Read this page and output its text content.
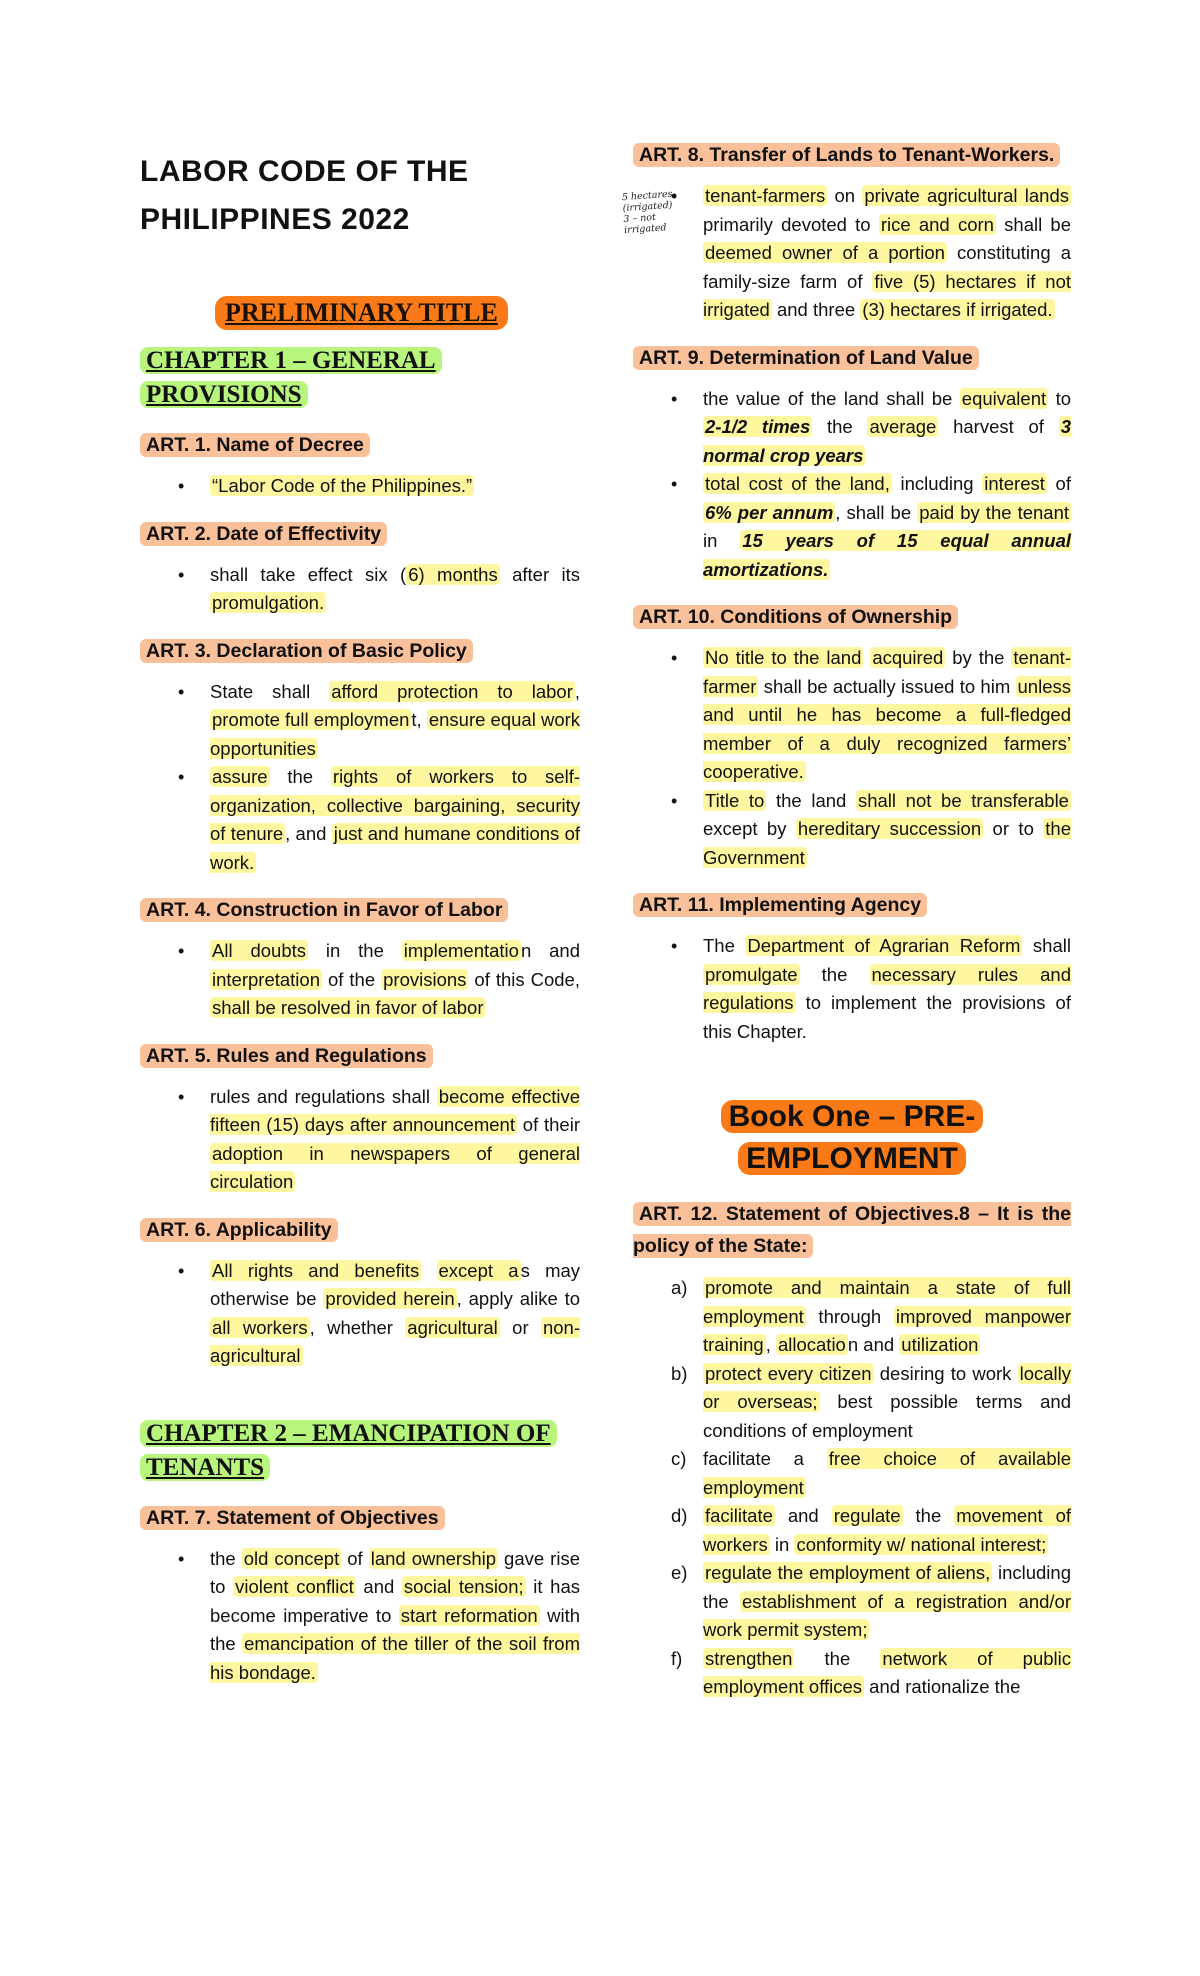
LABOR CODE OF THE
PHILIPPINES 2022
PRELIMINARY TITLE
CHAPTER 1 – GENERAL
PROVISIONS
ART. 1. Name of Decree
• “Labor Code of the Philippines.”
ART. 2. Date of Effectivity
• shall take effect six ( 6) months after its promulgation.
ART. 3. Declaration of Basic Policy
• State shall afford protection to labor , promote full employmen t, ensure equal work opportunities
• assure the rights of workers to self-organization, collective bargaining, security of tenure , and just and humane conditions of work.
ART. 4. Construction in Favor of Labor
• All doubts in the implementatio n and interpretation of the provisions of this Code, shall be resolved in favor of labor
ART. 5. Rules and Regulations
• rules and regulations shall become effective fifteen (15) days after announcement of their adoption in newspapers of general circulation
ART. 6. Applicability
• All rights and benefits except a s may otherwise be provided herein , apply alike to all workers , whether agricultural or non-agricultural
CHAPTER 2 – EMANCIPATION OF
TENANTS
ART. 7. Statement of Objectives
• the old concept of land ownership gave rise to violent conflict and social tension; it has become imperative to start reformation with the emancipation of the tiller of the soil from his bondage.
ART. 8. Transfer of Lands to Tenant-Workers.
5 hectares
(irrigated)
3 – not
irrigated
• tenant-farmers on private agricultural lands primarily devoted to rice and corn shall be deemed owner of a portion constituting a family-size farm of five (5) hectares if not irrigated and three (3) hectares if irrigated.
ART. 9. Determination of Land Value
• the value of the land shall be equivalent to 2-1/2 times the average harvest of 3 normal crop years
• total cost of the land, including interest of 6% per annum , shall be paid by the tenant in 15 years of 15 equal annual amortizations.
ART. 10. Conditions of Ownership
• No title to the land acquired by the tenant-farmer shall be actually issued to him unless and until he has become a full-fledged member of a duly recognized farmers’ cooperative.
• Title to the land shall not be transferable except by hereditary succession or to the Government
ART. 11. Implementing Agency
• The Department of Agrarian Reform shall promulgate the necessary rules and regulations to implement the provisions of this Chapter.
Book One – PRE-
EMPLOYMENT
ART. 12. Statement of Objectives.8 – It is the policy of the State:
a) promote and maintain a state of full employment through improved manpower training , allocatio n and utilization
b) protect every citizen desiring to work locally or overseas; best possible terms and conditions of employment
c) facilitate a free choice of available employment
d) facilitate and regulate the movement of workers in conformity w/ national interest;
e) regulate the employment of aliens, including the establishment of a registration and/or work permit system;
f) strengthen the network of public employment offices and rationalize the
